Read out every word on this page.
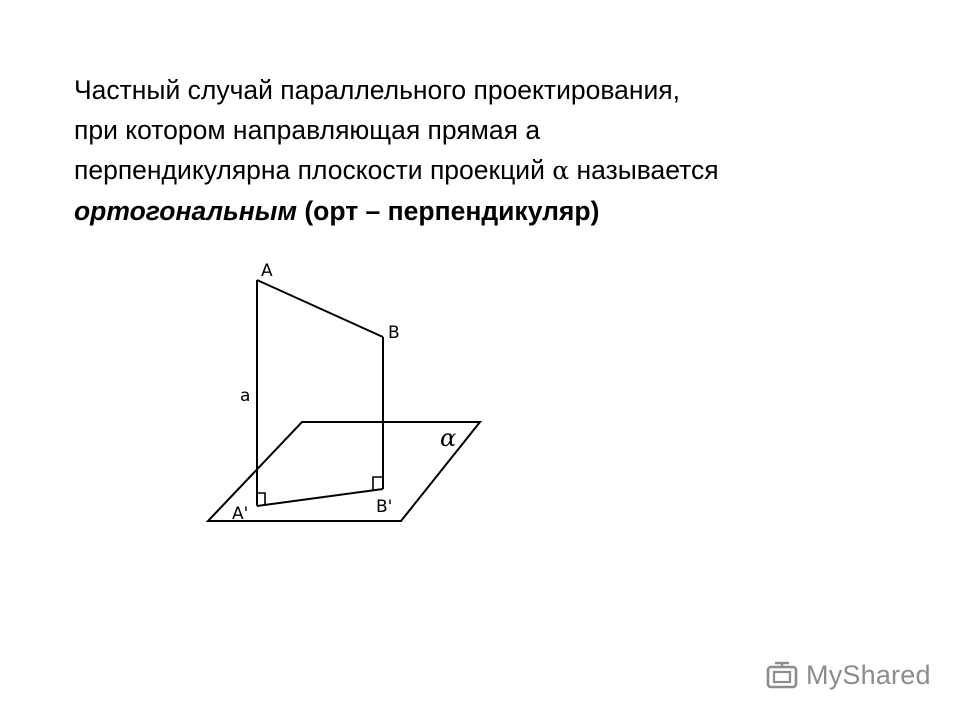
Частный случай параллельного проектирования,
при котором направляющая прямая а
перпендикулярна плоскости проекций α называется
ортогональным (орт – перпендикуляр)
A
B
a
A'	B'
α
MyShared
